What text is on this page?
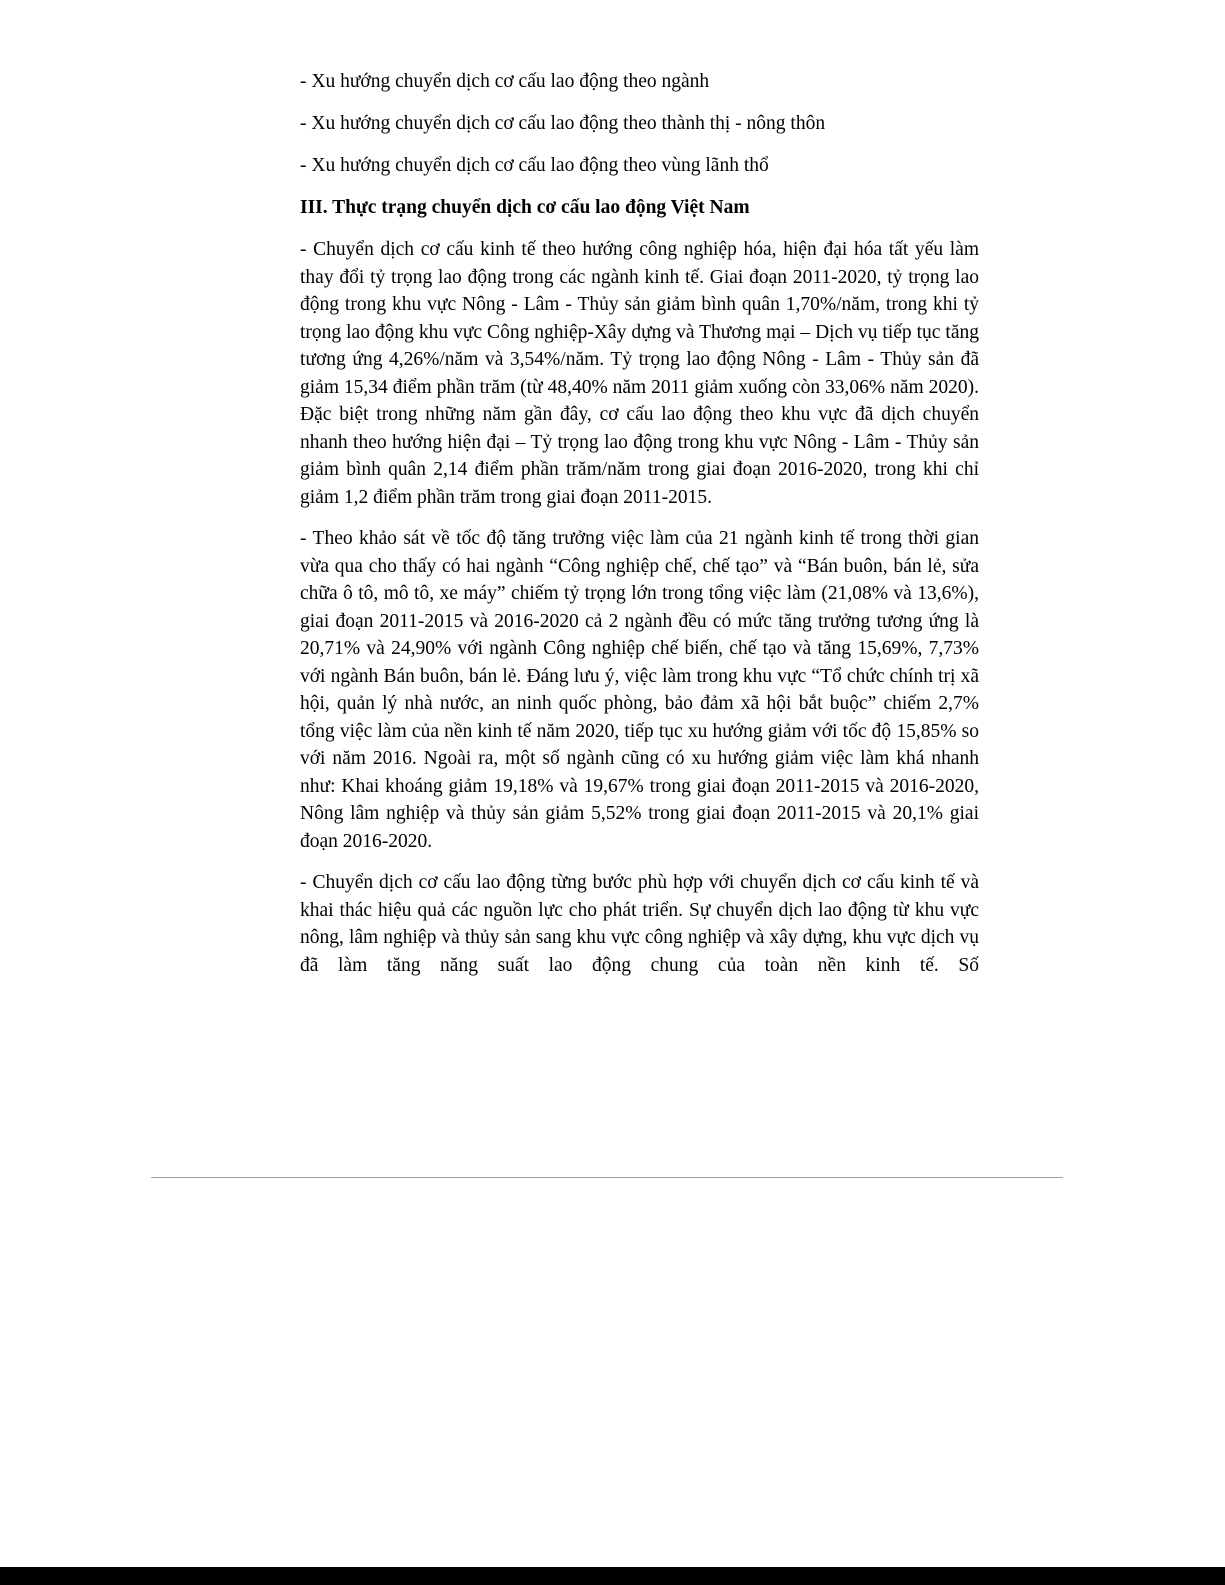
- Xu hướng chuyển dịch cơ cấu lao động theo ngành

- Xu hướng chuyển dịch cơ cấu lao động theo thành thị - nông thôn

- Xu hướng chuyển dịch cơ cấu lao động theo vùng lãnh thổ

III. Thực trạng chuyển dịch cơ cấu lao động Việt Nam

- Chuyển dịch cơ cấu kinh tế theo hướng công nghiệp hóa, hiện đại hóa tất yếu làm thay đổi tỷ trọng lao động trong các ngành kinh tế. Giai đoạn 2011-2020, tỷ trọng lao động trong khu vực Nông - Lâm - Thủy sản giảm bình quân 1,70%/năm, trong khi tỷ trọng lao động khu vực Công nghiệp-Xây dựng và Thương mại – Dịch vụ tiếp tục tăng tương ứng 4,26%/năm và 3,54%/năm. Tỷ trọng lao động Nông - Lâm - Thủy sản đã giảm 15,34 điểm phần trăm (từ 48,40% năm 2011 giảm xuống còn 33,06% năm 2020). Đặc biệt trong những năm gần đây, cơ cấu lao động theo khu vực đã dịch chuyển nhanh theo hướng hiện đại – Tỷ trọng lao động trong khu vực Nông - Lâm - Thủy sản giảm bình quân 2,14 điểm phần trăm/năm trong giai đoạn 2016-2020, trong khi chỉ giảm 1,2 điểm phần trăm trong giai đoạn 2011-2015.

- Theo khảo sát về tốc độ tăng trưởng việc làm của 21 ngành kinh tế trong thời gian vừa qua cho thấy có hai ngành “Công nghiệp chế, chế tạo” và “Bán buôn, bán lẻ, sửa chữa ô tô, mô tô, xe máy” chiếm tỷ trọng lớn trong tổng việc làm (21,08% và 13,6%), giai đoạn 2011-2015 và 2016-2020 cả 2 ngành đều có mức tăng trưởng tương ứng là 20,71% và 24,90% với ngành Công nghiệp chế biến, chế tạo và tăng 15,69%, 7,73% với ngành Bán buôn, bán lẻ. Đáng lưu ý, việc làm trong khu vực “Tổ chức chính trị xã hội, quản lý nhà nước, an ninh quốc phòng, bảo đảm xã hội bắt buộc” chiếm 2,7% tổng việc làm của nền kinh tế năm 2020, tiếp tục xu hướng giảm với tốc độ 15,85% so với năm 2016. Ngoài ra, một số ngành cũng có xu hướng giảm việc làm khá nhanh như: Khai khoáng giảm 19,18% và 19,67% trong giai đoạn 2011-2015 và 2016-2020, Nông lâm nghiệp và thủy sản giảm 5,52% trong giai đoạn 2011-2015 và 20,1% giai đoạn 2016-2020.

- Chuyển dịch cơ cấu lao động từng bước phù hợp với chuyển dịch cơ cấu kinh tế và khai thác hiệu quả các nguồn lực cho phát triển. Sự chuyển dịch lao động từ khu vực nông, lâm nghiệp và thủy sản sang khu vực công nghiệp và xây dựng, khu vực dịch vụ đã làm tăng năng suất lao động chung của toàn nền kinh tế. Số
